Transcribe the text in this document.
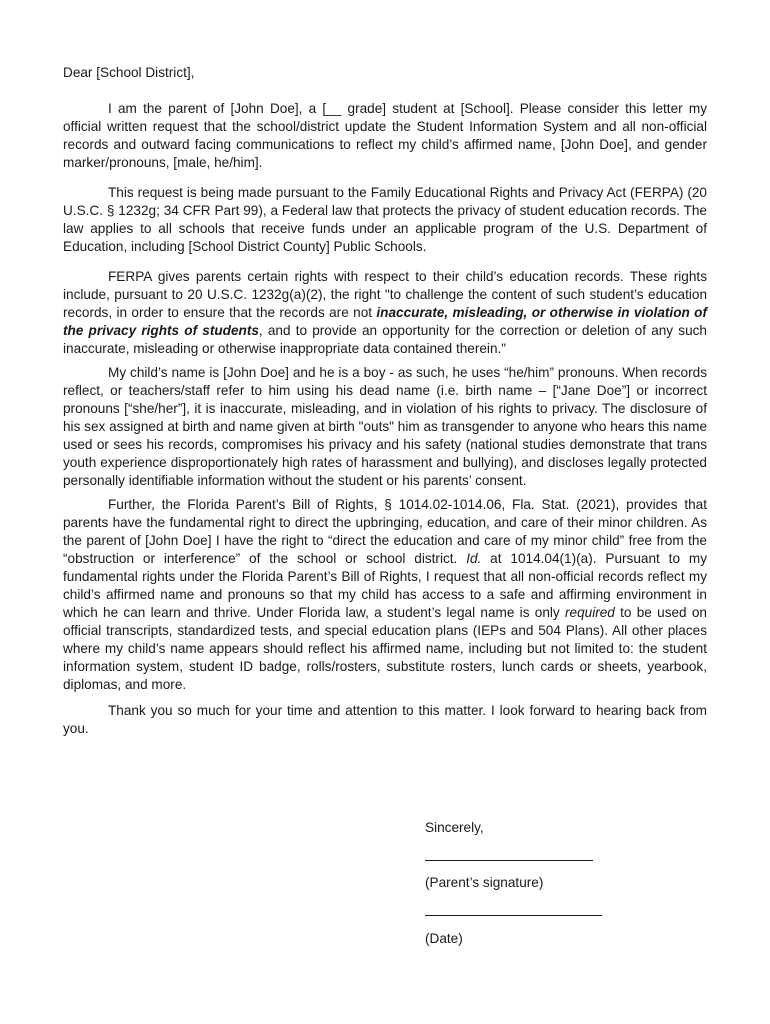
Dear [School District],

I am the parent of [John Doe], a [__ grade] student at [School]. Please consider this letter my official written request that the school/district update the Student Information System and all non-official records and outward facing communications to reflect my child’s affirmed name, [John Doe], and gender marker/pronouns, [male, he/him].

This request is being made pursuant to the Family Educational Rights and Privacy Act (FERPA) (20 U.S.C. § 1232g; 34 CFR Part 99), a Federal law that protects the privacy of student education records. The law applies to all schools that receive funds under an applicable program of the U.S. Department of Education, including [School District County] Public Schools.

FERPA gives parents certain rights with respect to their child’s education records. These rights include, pursuant to 20 U.S.C. 1232g(a)(2), the right "to challenge the content of such student’s education records, in order to ensure that the records are not inaccurate, misleading, or otherwise in violation of the privacy rights of students, and to provide an opportunity for the correction or deletion of any such inaccurate, misleading or otherwise inappropriate data contained therein."

My child’s name is [John Doe] and he is a boy - as such, he uses “he/him” pronouns. When records reflect, or teachers/staff refer to him using his dead name (i.e. birth name – [“Jane Doe”] or incorrect pronouns [“she/her”], it is inaccurate, misleading, and in violation of his rights to privacy. The disclosure of his sex assigned at birth and name given at birth "outs" him as transgender to anyone who hears this name used or sees his records, compromises his privacy and his safety (national studies demonstrate that trans youth experience disproportionately high rates of harassment and bullying), and discloses legally protected personally identifiable information without the student or his parents’ consent.

Further, the Florida Parent’s Bill of Rights, § 1014.02-1014.06, Fla. Stat. (2021), provides that parents have the fundamental right to direct the upbringing, education, and care of their minor children. As the parent of [John Doe] I have the right to “direct the education and care of my minor child” free from the “obstruction or interference” of the school or school district. Id. at 1014.04(1)(a). Pursuant to my fundamental rights under the Florida Parent’s Bill of Rights, I request that all non-official records reflect my child’s affirmed name and pronouns so that my child has access to a safe and affirming environment in which he can learn and thrive. Under Florida law, a student’s legal name is only required to be used on official transcripts, standardized tests, and special education plans (IEPs and 504 Plans). All other places where my child’s name appears should reflect his affirmed name, including but not limited to: the student information system, student ID badge, rolls/rosters, substitute rosters, lunch cards or sheets, yearbook, diplomas, and more.

Thank you so much for your time and attention to this matter. I look forward to hearing back from you.

Sincerely,
(Parent’s signature)
(Date)
